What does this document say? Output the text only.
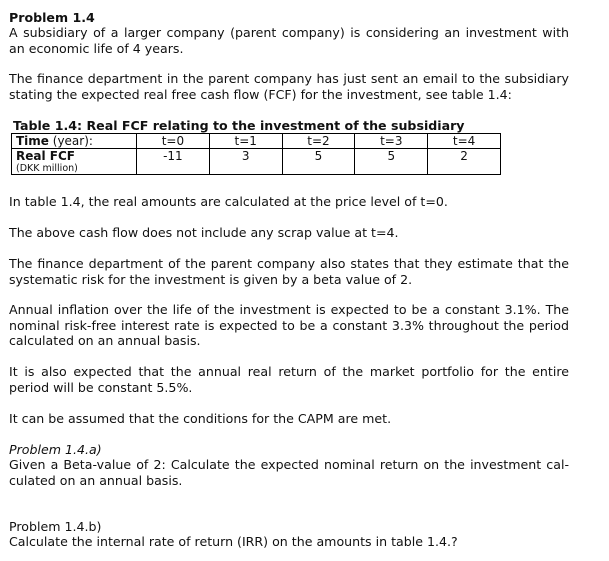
Problem 1.4

A subsidiary of a larger company (parent company) is considering an investment with an economic life of 4 years.

The finance department in the parent company has just sent an email to the subsidiary stating the expected real free cash flow (FCF) for the investment, see table 1.4:

Table 1.4: Real FCF relating to the investment of the subsidiary
Time (year):	t=0	t=1	t=2	t=3	t=4
Real FCF
(DKK million)	-11	3	5	5	2

In table 1.4, the real amounts are calculated at the price level of t=0.

The above cash flow does not include any scrap value at t=4.

The finance department of the parent company also states that they estimate that the systematic risk for the investment is given by a beta value of 2.

Annual inflation over the life of the investment is expected to be a constant 3.1%. The nominal risk-free interest rate is expected to be a constant 3.3% throughout the period calculated on an annual basis.

It is also expected that the annual real return of the market portfolio for the entire period will be constant 5.5%.

It can be assumed that the conditions for the CAPM are met.

Problem 1.4.a)

Given a Beta-value of 2: Calculate the expected nominal return on the investment cal-culated on an annual basis.

Problem 1.4.b)

Calculate the internal rate of return (IRR) on the amounts in table 1.4.?
